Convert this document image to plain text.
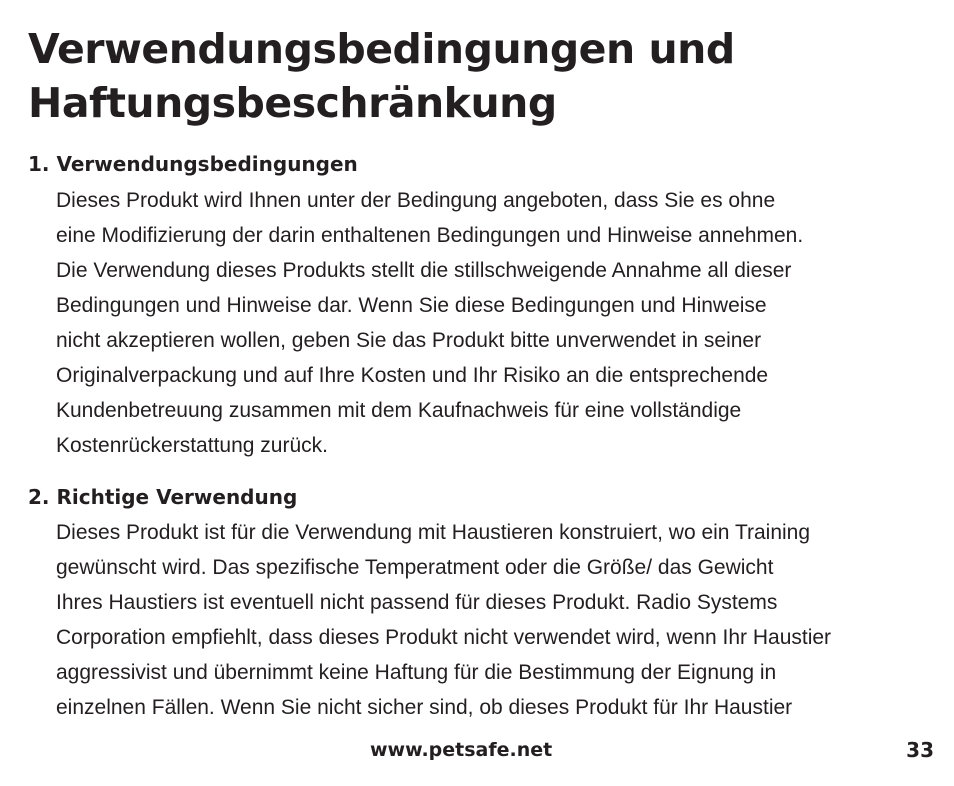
Verwendungsbedingungen und
Haftungsbeschränkung
1. Verwendungsbedingungen

Dieses Produkt wird Ihnen unter der Bedingung angeboten, dass Sie es ohne
eine Modifizierung der darin enthaltenen Bedingungen und Hinweise annehmen.
Die Verwendung dieses Produkts stellt die stillschweigende Annahme all dieser
Bedingungen und Hinweise dar. Wenn Sie diese Bedingungen und Hinweise
nicht akzeptieren wollen, geben Sie das Produkt bitte unverwendet in seiner
Originalverpackung und auf Ihre Kosten und Ihr Risiko an die entsprechende
Kundenbetreuung zusammen mit dem Kaufnachweis für eine vollständige
Kostenrückerstattung zurück.

2. Richtige Verwendung

Dieses Produkt ist für die Verwendung mit Haustieren konstruiert, wo ein Training
gewünscht wird. Das spezifische Temperatment oder die Größe/ das Gewicht
Ihres Haustiers ist eventuell nicht passend für dieses Produkt. Radio Systems
Corporation empfiehlt, dass dieses Produkt nicht verwendet wird, wenn Ihr Haustier
aggressivist und übernimmt keine Haftung für die Bestimmung der Eignung in
einzelnen Fällen. Wenn Sie nicht sicher sind, ob dieses Produkt für Ihr Haustier

www.petsafe.net	33
